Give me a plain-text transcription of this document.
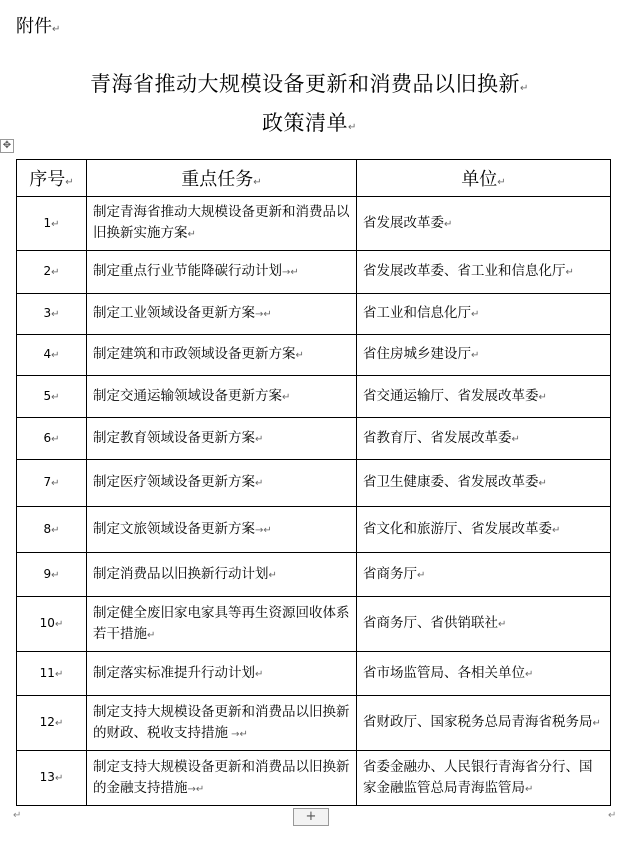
附件↵
青海省推动大规模设备更新和消费品以旧换新↵
政策清单↵
✥
序号↵	重点任务↵	单位↵
1↵	制定青海省推动大规模设备更新和消费品以旧换新实施方案↵	省发展改革委↵
2↵	制定重点行业节能降碳行动计划→↵	省发展改革委、省工业和信息化厅↵
3↵	制定工业领域设备更新方案→↵	省工业和信息化厅↵
4↵	制定建筑和市政领域设备更新方案↵	省住房城乡建设厅↵
5↵	制定交通运输领域设备更新方案↵	省交通运输厅、省发展改革委↵
6↵	制定教育领域设备更新方案↵	省教育厅、省发展改革委↵
7↵	制定医疗领域设备更新方案↵	省卫生健康委、省发展改革委↵
8↵	制定文旅领域设备更新方案→↵	省文化和旅游厅、省发展改革委↵
9↵	制定消费品以旧换新行动计划↵	省商务厅↵
10↵	制定健全废旧家电家具等再生资源回收体系若干措施↵	省商务厅、省供销联社↵
11↵	制定落实标准提升行动计划↵	省市场监管局、各相关单位↵
12↵	制定支持大规模设备更新和消费品以旧换新的财政、税收支持措施 →↵	省财政厅、国家税务总局青海省税务局↵
13↵	制定支持大规模设备更新和消费品以旧换新的金融支持措施→↵	省委金融办、人民银行青海省分行、国家金融监管总局青海监管局↵
↵	+	↵
